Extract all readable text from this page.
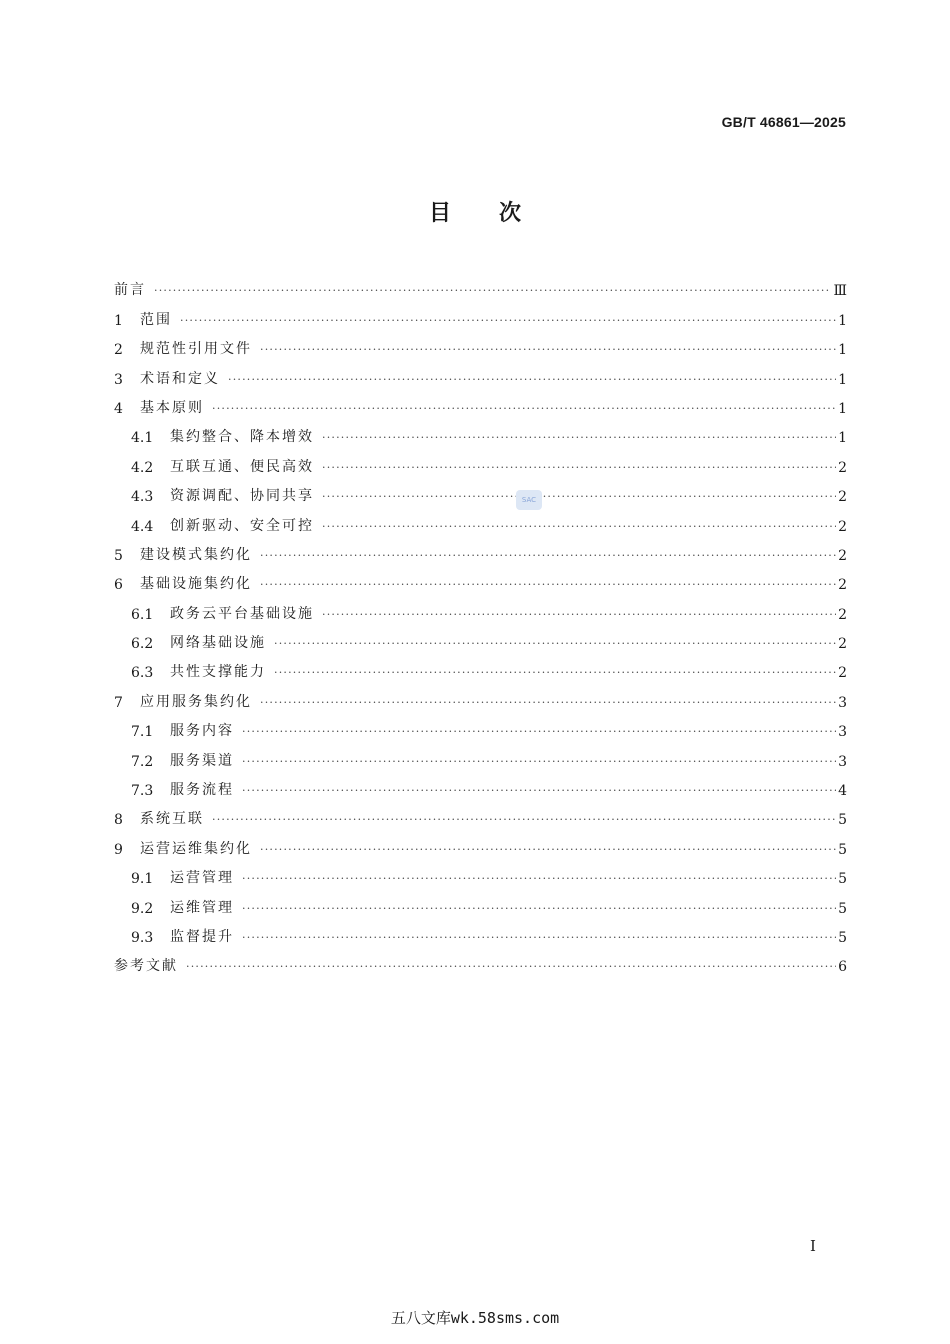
GB/T 46861—2025
目次
前言 ·····	Ⅲ
1	范围 ·····	1
2	规范性引用文件 ·····	1
3	术语和定义 ·····	1
4	基本原则 ·····	1
4.1	集约整合、降本增效 ·····	1
4.2	互联互通、便民高效 ·····	2
4.3	资源调配、协同共享 ·····	2
4.4	创新驱动、安全可控 ·····	2
5	建设模式集约化 ·····	2
6	基础设施集约化 ·····	2
6.1	政务云平台基础设施 ·····	2
6.2	网络基础设施 ·····	2
6.3	共性支撑能力 ·····	2
7	应用服务集约化 ·····	3
7.1	服务内容 ·····	3
7.2	服务渠道 ·····	3
7.3	服务流程 ·····	4
8	系统互联 ·····	5
9	运营运维集约化 ·····	5
9.1	运营管理 ·····	5
9.2	运维管理 ·····	5
9.3	监督提升 ·····	5
参考文献 ·····	6
SAC
Ⅰ
五八文库wk.58sms.com
